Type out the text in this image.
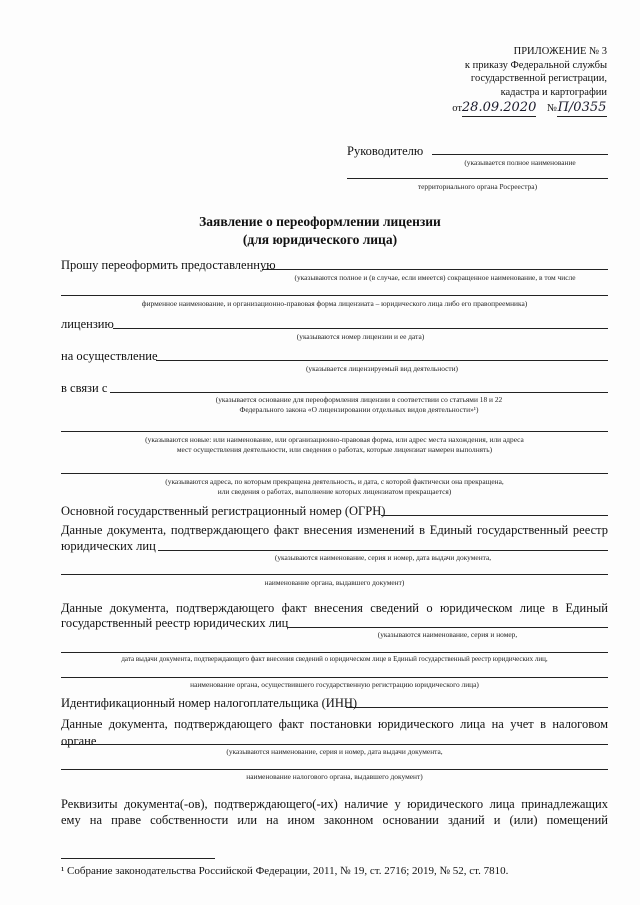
ПРИЛОЖЕНИЕ № 3
к приказу Федеральной службы
государственной регистрации,
кадастра и картографии
от28.09.2020 №П/0355
Руководителю
(указывается полное наименование
территориального органа Росреестра)
Заявление о переоформлении лицензии
(для юридического лица)
Прошу переоформить предоставленную
(указываются полное и (в случае, если имеется) сокращенное наименование, в том числе
фирменное наименование, и организационно-правовая форма лицензиата – юридического лица либо его правопреемника)
лицензию
(указываются номер лицензии и ее дата)
на осуществление
(указывается лицензируемый вид деятельности)
в связи с
(указывается основание для переоформления лицензии в соответствии со статьями 18 и 22
Федерального закона «О лицензировании отдельных видов деятельности»¹)
(указываются новые: или наименование, или организационно-правовая форма, или адрес места нахождения, или адреса
мест осуществления деятельности, или сведения о работах, которые лицензиат намерен выполнять)
(указываются адреса, по которым прекращена деятельность, и дата, с которой фактически она прекращена,
или сведения о работах, выполнение которых лицензиатом прекращается)
Основной государственный регистрационный номер (ОГРН)
Данные документа, подтверждающего факт внесения изменений в Единый государственный реестр
юридических лиц
(указываются наименование, серия и номер, дата выдачи документа,
наименование органа, выдавшего документ)
Данные документа, подтверждающего факт внесения сведений о юридическом лице в Единый
государственный реестр юридических лиц
(указываются наименование, серия и номер,
дата выдачи документа, подтверждающего факт внесения сведений о юридическом лице в Единый государственный реестр юридических лиц,
наименование органа, осуществившего государственную регистрацию юридического лица)
Идентификационный номер налогоплательщика (ИНН)
Данные документа, подтверждающего факт постановки юридического лица на учет в налоговом органе
(указываются наименование, серия и номер, дата выдачи документа,
наименование налогового органа, выдавшего документ)
Реквизиты документа(-ов), подтверждающего(-их) наличие у юридического лица принадлежащих
ему на праве собственности или на ином законном основании зданий и (или) помещений
¹ Собрание законодательства Российской Федерации, 2011, № 19, ст. 2716; 2019, № 52, ст. 7810.
